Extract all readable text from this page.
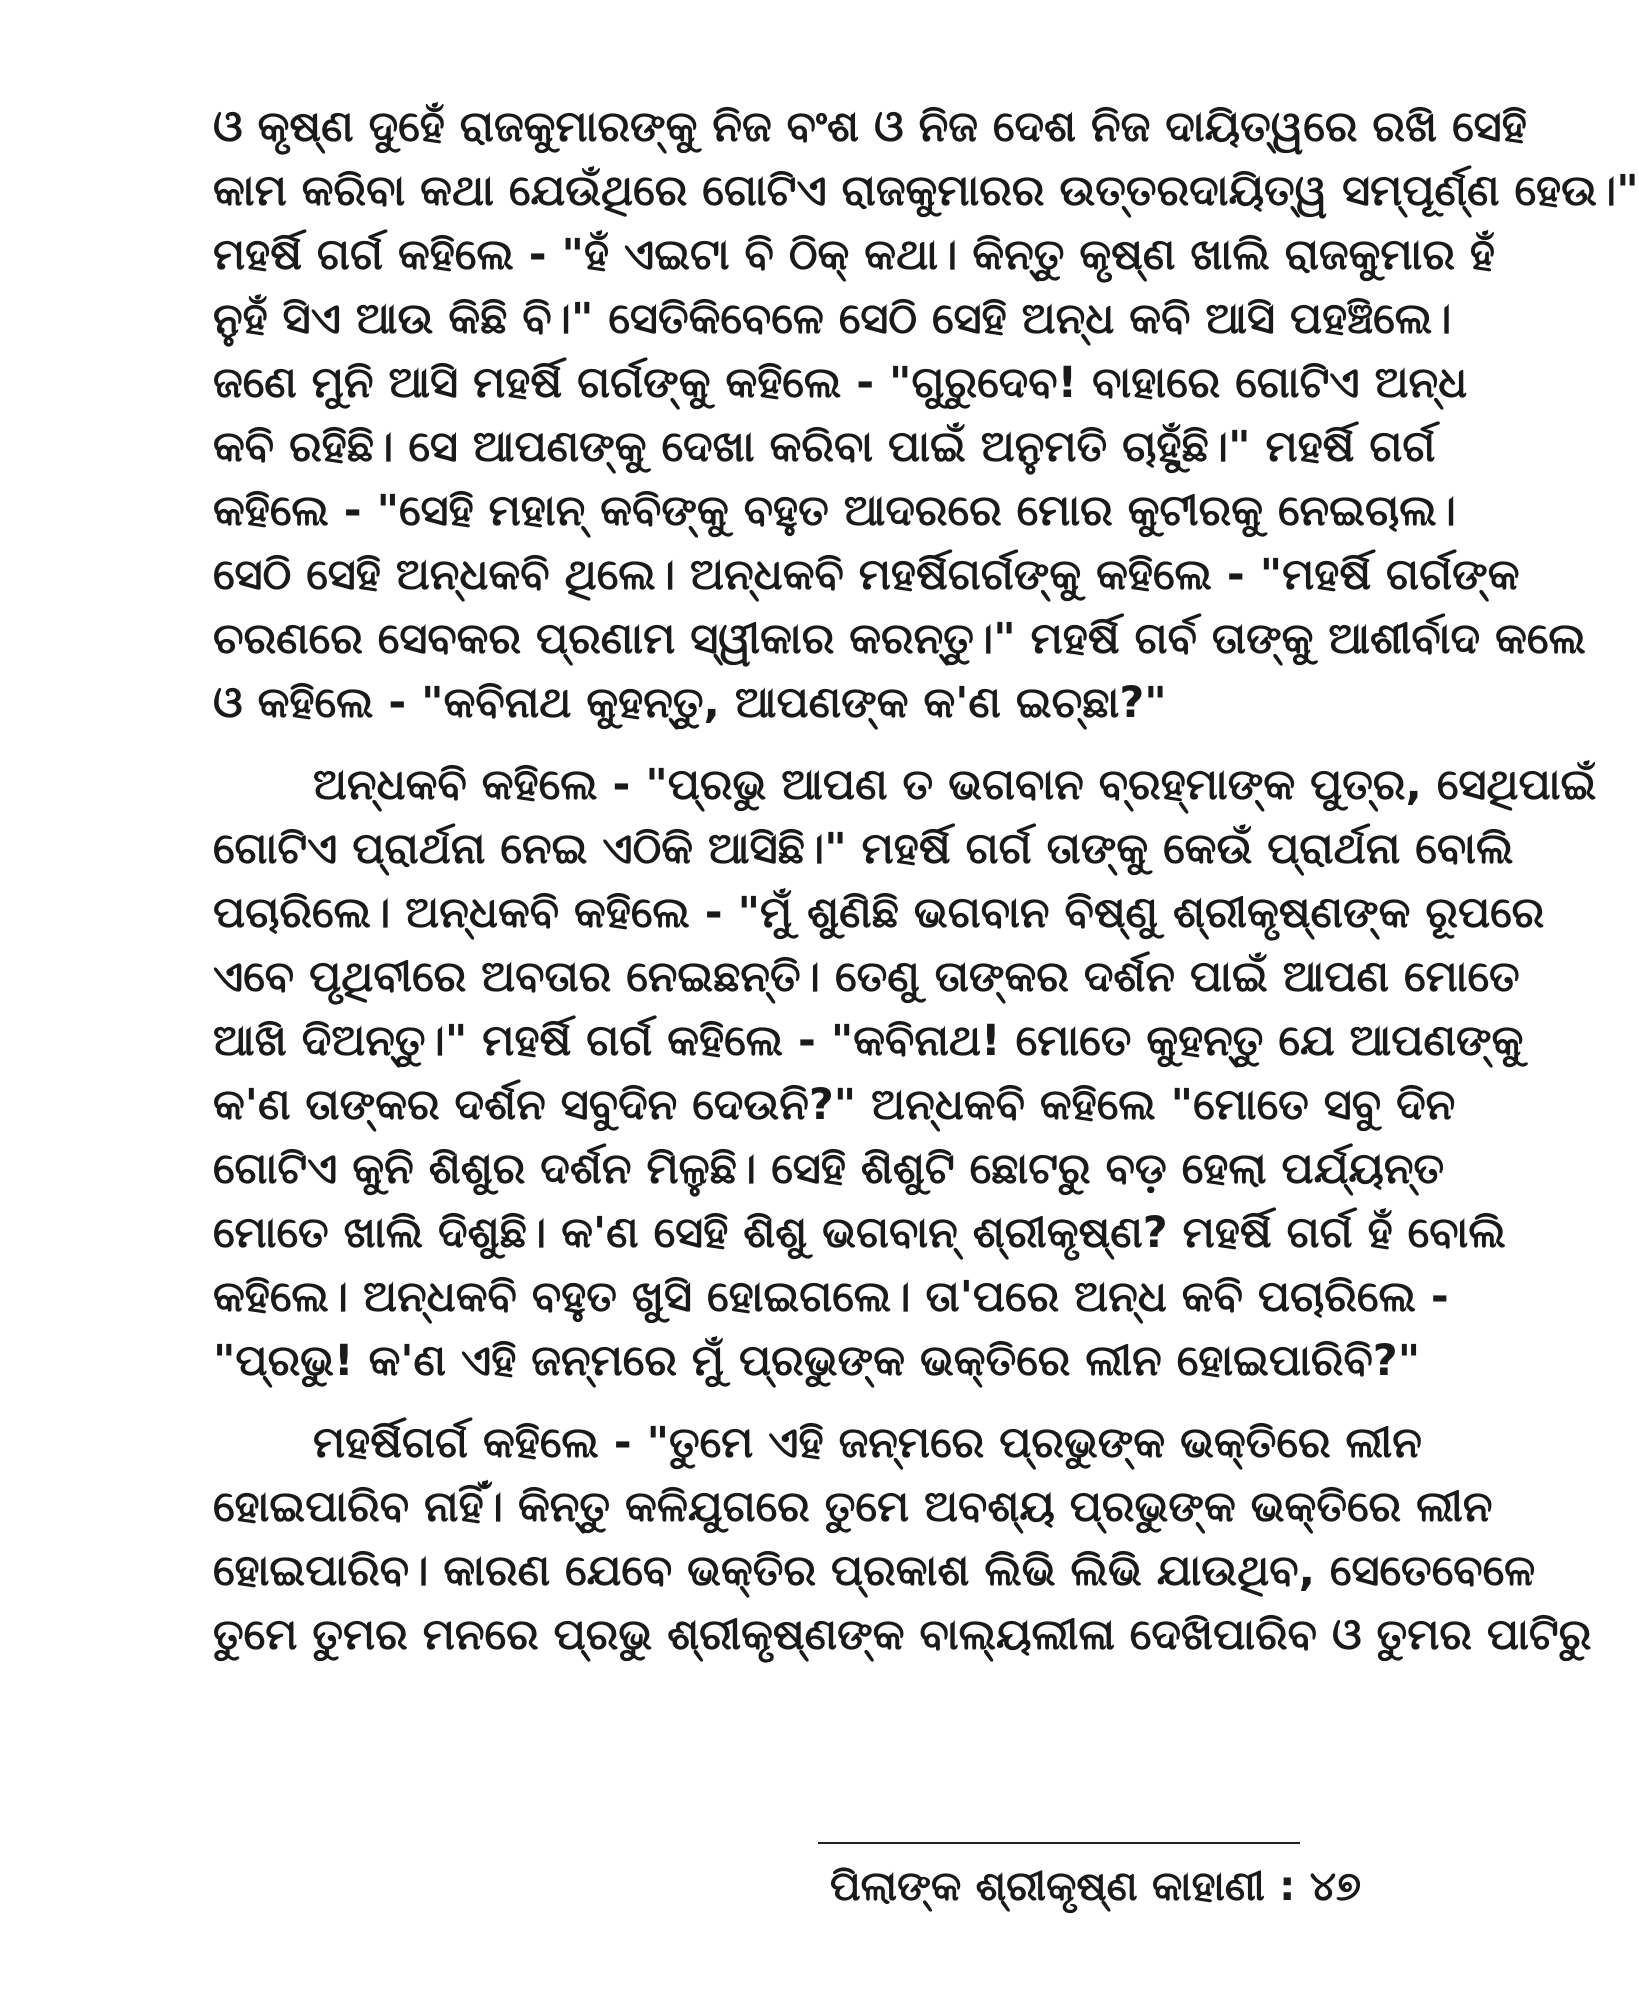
ଓ କୃଷ୍ଣ ଦୁହେଁ ରାଜକୁମାରଙ୍କୁ ନିଜ ବଂଶ ଓ ନିଜ ଦେଶ ନିଜ ଦାୟିତ୍ୱରେ ରଖି ସେହି
କାମ କରିବା କଥା ଯେଉଁଥିରେ ଗୋଟିଏ ରାଜକୁମାରର ଉତ୍ତରଦାୟିତ୍ୱ ସମ୍ପୂର୍ଣ୍ଣ ହେଉ।"
ମହର୍ଷି ଗର୍ଗ କହିଲେ - "ହଁ ଏଇଟା ବି ଠିକ୍ କଥା। କିନ୍ତୁ କୃଷ୍ଣ ଖାଲି ରାଜକୁମାର ହଁ
ନୁହଁ ସିଏ ଆଉ କିଛି ବି।" ସେତିକିବେଳେ ସେଠି ସେହି ଅନ୍ଧ କବି ଆସି ପହଞ୍ଚିଲେ।
ଜଣେ ମୁନି ଆସି ମହର୍ଷି ଗର୍ଗଙ୍କୁ କହିଲେ - "ଗୁରୁଦେବ! ବାହାରେ ଗୋଟିଏ ଅନ୍ଧ
କବି ରହିଛି। ସେ ଆପଣଙ୍କୁ ଦେଖା କରିବା ପାଇଁ ଅନୁମତି ଚାହୁଁଛି।" ମହର୍ଷି ଗର୍ଗ
କହିଲେ - "ସେହି ମହାନ୍ କବିଙ୍କୁ ବହୁତ ଆଦରରେ ମୋର କୁଟୀରକୁ ନେଇଚାଲ।
ସେଠି ସେହି ଅନ୍ଧକବି ଥିଲେ। ଅନ୍ଧକବି ମହର୍ଷିଗର୍ଗଙ୍କୁ କହିଲେ - "ମହର୍ଷି ଗର୍ଗଙ୍କ
ଚରଣରେ ସେବକର ପ୍ରଣାମ ସ୍ୱୀକାର କରନ୍ତୁ।" ମହର୍ଷି ଗର୍ବ ତାଙ୍କୁ ଆଶୀର୍ବାଦ କଲେ
ଓ କହିଲେ - "କବିନାଥ କୁହନ୍ତୁ, ଆପଣଙ୍କ କ'ଣ ଇଚ୍ଛା?"
ଅନ୍ଧକବି କହିଲେ - "ପ୍ରଭୁ ଆପଣ ତ ଭଗବାନ ବ୍ରହ୍ମାଙ୍କ ପୁତ୍ର, ସେଥିପାଇଁ
ଗୋଟିଏ ପ୍ରାର୍ଥନା ନେଇ ଏଠିକି ଆସିଛି।" ମହର୍ଷି ଗର୍ଗ ତାଙ୍କୁ କେଉଁ ପ୍ରାର୍ଥନା ବୋଲି
ପଚାରିଲେ। ଅନ୍ଧକବି କହିଲେ - "ମୁଁ ଶୁଣିଛି ଭଗବାନ ବିଷ୍ଣୁ ଶ୍ରୀକୃଷ୍ଣଙ୍କ ରୂପରେ
ଏବେ ପୃଥିବୀରେ ଅବତାର ନେଇଛନ୍ତି। ତେଣୁ ତାଙ୍କର ଦର୍ଶନ ପାଇଁ ଆପଣ ମୋତେ
ଆଖି ଦିଅନ୍ତୁ।" ମହର୍ଷି ଗର୍ଗ କହିଲେ - "କବିନାଥ! ମୋତେ କୁହନ୍ତୁ ଯେ ଆପଣଙ୍କୁ
କ'ଣ ତାଙ୍କର ଦର୍ଶନ ସବୁଦିନ ଦେଉନି?" ଅନ୍ଧକବି କହିଲେ "ମୋତେ ସବୁ ଦିନ
ଗୋଟିଏ କୁନି ଶିଶୁର ଦର୍ଶନ ମିଳୁଛି। ସେହି ଶିଶୁଟି ଛୋଟରୁ ବଡ଼ ହେଲା ପର୍ଯ୍ୟନ୍ତ
ମୋତେ ଖାଲି ଦିଶୁଛି। କ'ଣ ସେହି ଶିଶୁ ଭଗବାନ୍ ଶ୍ରୀକୃଷ୍ଣ? ମହର୍ଷି ଗର୍ଗ ହଁ ବୋଲି
କହିଲେ। ଅନ୍ଧକବି ବହୁତ ଖୁସି ହୋଇଗଲେ। ତା'ପରେ ଅନ୍ଧ କବି ପଚାରିଲେ -
"ପ୍ରଭୁ! କ'ଣ ଏହି ଜନ୍ମରେ ମୁଁ ପ୍ରଭୁଙ୍କ ଭକ୍ତିରେ ଲୀନ ହୋଇପାରିବି?"
ମହର୍ଷିଗର୍ଗ କହିଲେ - "ତୁମେ ଏହି ଜନ୍ମରେ ପ୍ରଭୁଙ୍କ ଭକ୍ତିରେ ଲୀନ
ହୋଇପାରିବ ନାହିଁ। କିନ୍ତୁ କଳିଯୁଗରେ ତୁମେ ଅବଶ୍ୟ ପ୍ରଭୁଙ୍କ ଭକ୍ତିରେ ଲୀନ
ହୋଇପାରିବ। କାରଣ ଯେବେ ଭକ୍ତିର ପ୍ରକାଶ ଲିଭି ଲିଭି ଯାଉଥିବ, ସେତେବେଳେ
ତୁମେ ତୁମର ମନରେ ପ୍ରଭୁ ଶ୍ରୀକୃଷ୍ଣଙ୍କ ବାଲ୍ୟଲୀଳା ଦେଖିପାରିବ ଓ ତୁମର ପାଟିରୁ
ପିଲାଙ୍କ ଶ୍ରୀକୃଷ୍ଣ କାହାଣୀ : ୪୭
